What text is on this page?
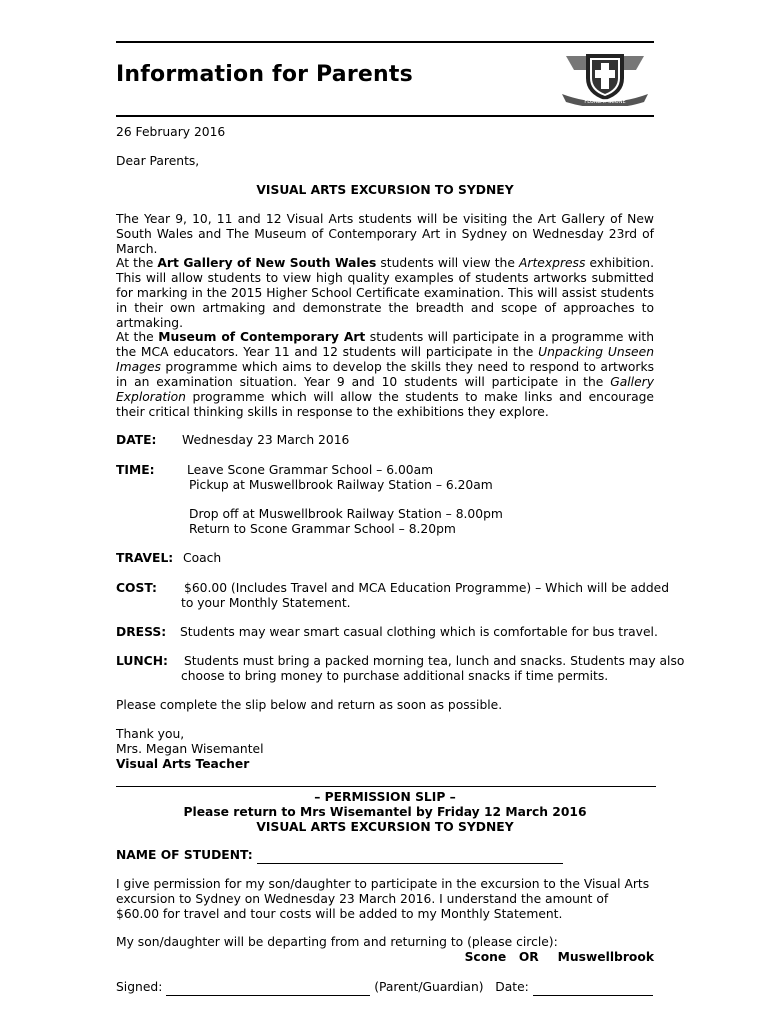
Information for Parents
FLOREAT SCONE
26 February 2016
Dear Parents,
VISUAL ARTS EXCURSION TO SYDNEY
The Year 9, 10, 11 and 12 Visual Arts students will be visiting the Art Gallery of New South Wales and The Museum of Contemporary Art in Sydney on Wednesday 23rd of March.
At the Art Gallery of New South Wales students will view the Artexpress exhibition. This will allow students to view high quality examples of students artworks submitted for marking in the 2015 Higher School Certificate examination. This will assist students in their own artmaking and demonstrate the breadth and scope of approaches to artmaking.
At the Museum of Contemporary Art students will participate in a programme with the MCA educators. Year 11 and 12 students will participate in the Unpacking Unseen Images programme which aims to develop the skills they need to respond to artworks in an examination situation. Year 9 and 10 students will participate in the Gallery Exploration programme which will allow the students to make links and encourage their critical thinking skills in response to the exhibitions they explore.
DATE: Wednesday 23 March 2016
TIME:	Leave Scone Grammar School – 6.00am
Pickup at Muswellbrook Railway Station – 6.20am
Drop off at Muswellbrook Railway Station – 8.00pm
Return to Scone Grammar School – 8.20pm
TRAVEL: Coach
COST: $60.00 (Includes Travel and MCA Education Programme) – Which will be added
to your Monthly Statement.
DRESS: Students may wear smart casual clothing which is comfortable for bus travel.
LUNCH: Students must bring a packed morning tea, lunch and snacks. Students may also
choose to bring money to purchase additional snacks if time permits.
Please complete the slip below and return as soon as possible.
Thank you,
Mrs. Megan Wisemantel
Visual Arts Teacher
– PERMISSION SLIP –
Please return to Mrs Wisemantel by Friday 12 March 2016
VISUAL ARTS EXCURSION TO SYDNEY
NAME OF STUDENT:
I give permission for my son/daughter to participate in the excursion to the Visual Arts excursion to Sydney on Wednesday 23 March 2016. I understand the amount of $60.00 for travel and tour costs will be added to my Monthly Statement.
My son/daughter will be departing from and returning to (please circle):
Scone OR Muswellbrook
Signed:	(Parent/Guardian) Date:
